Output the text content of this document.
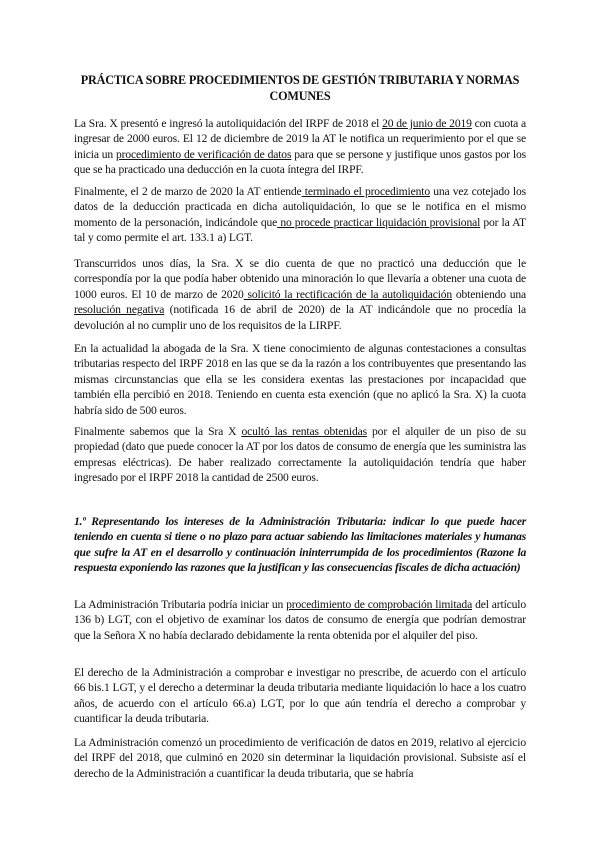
PRÁCTICA SOBRE PROCEDIMIENTOS DE GESTIÓN TRIBUTARIA Y NORMAS COMUNES

La Sra. X presentó e ingresó la autoliquidación del IRPF de 2018 el 20 de junio de 2019 con cuota a ingresar de 2000 euros. El 12 de diciembre de 2019 la AT le notifica un requerimiento por el que se inicia un procedimiento de verificación de datos para que se persone y justifique unos gastos por los que se ha practicado una deducción en la cuota íntegra del IRPF.

Finalmente, el 2 de marzo de 2020 la AT entiende terminado el procedimiento una vez cotejado los datos de la deducción practicada en dicha autoliquidación, lo que se le notifica en el mismo momento de la personación, indicándole que no procede practicar liquidación provisional por la AT tal y como permite el art. 133.1 a) LGT.

Transcurridos unos días, la Sra. X se dio cuenta de que no practicó una deducción que le correspondía por la que podía haber obtenido una minoración lo que llevaría a obtener una cuota de 1000 euros. El 10 de marzo de 2020 solicitó la rectificación de la autoliquidación obteniendo una resolución negativa (notificada 16 de abril de 2020) de la AT indicándole que no procedía la devolución al no cumplir uno de los requisitos de la LIRPF.

En la actualidad la abogada de la Sra. X tiene conocimiento de algunas contestaciones a consultas tributarias respecto del IRPF 2018 en las que se da la razón a los contribuyentes que presentando las mismas circunstancias que ella se les considera exentas las prestaciones por incapacidad que también ella percibió en 2018. Teniendo en cuenta esta exención (que no aplicó la Sra. X) la cuota habría sido de 500 euros.

Finalmente sabemos que la Sra X ocultó las rentas obtenidas por el alquiler de un piso de su propiedad (dato que puede conocer la AT por los datos de consumo de energía que les suministra las empresas eléctricas). De haber realizado correctamente la autoliquidación tendría que haber ingresado por el IRPF 2018 la cantidad de 2500 euros.

1.º Representando los intereses de la Administración Tributaria: indicar lo que puede hacer teniendo en cuenta si tiene o no plazo para actuar sabiendo las limitaciones materiales y humanas que sufre la AT en el desarrollo y continuación ininterrumpida de los procedimientos (Razone la respuesta exponiendo las razones que la justifican y las consecuencias fiscales de dicha actuación)

La Administración Tributaria podría iniciar un procedimiento de comprobación limitada del artículo 136 b) LGT, con el objetivo de examinar los datos de consumo de energía que podrían demostrar que la Señora X no había declarado debidamente la renta obtenida por el alquiler del piso.

El derecho de la Administración a comprobar e investigar no prescribe, de acuerdo con el artículo 66 bis.1 LGT, y el derecho a determinar la deuda tributaria mediante liquidación lo hace a los cuatro años, de acuerdo con el artículo 66.a) LGT, por lo que aún tendría el derecho a comprobar y cuantificar la deuda tributaria.

La Administración comenzó un procedimiento de verificación de datos en 2019, relativo al ejercicio del IRPF del 2018, que culminó en 2020 sin determinar la liquidación provisional. Subsiste así el derecho de la Administración a cuantificar la deuda tributaria, que se habría
